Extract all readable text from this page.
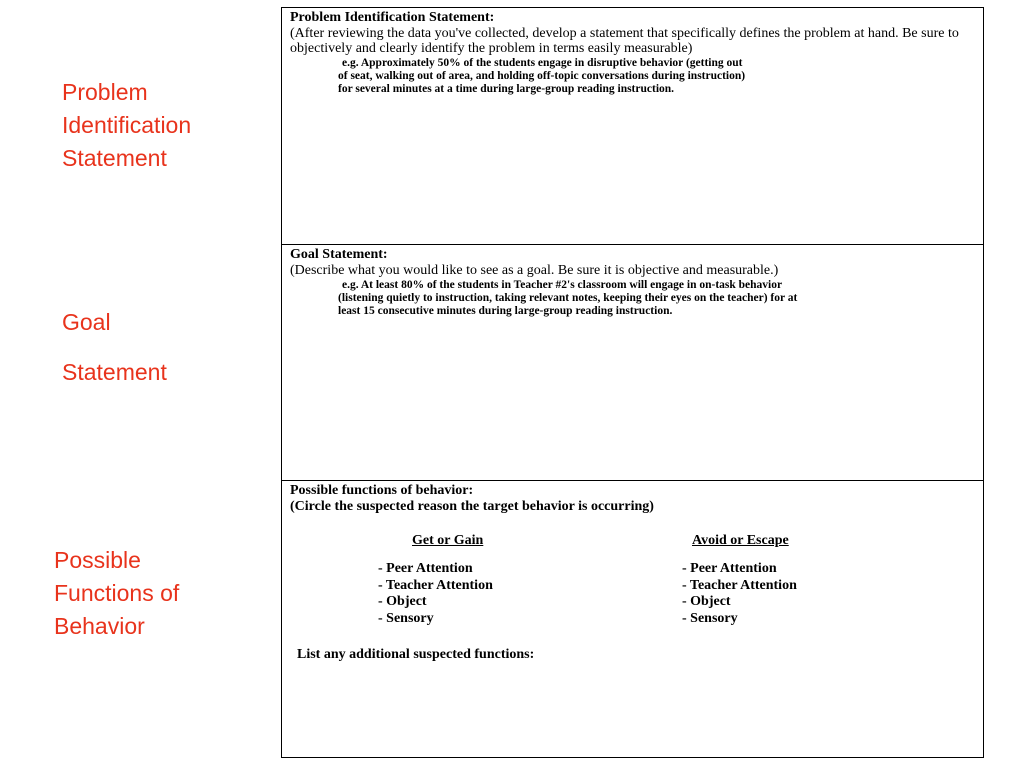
Problem
Identification
Statement
Goal
Statement
Possible
Functions of
Behavior

Problem Identification Statement:

(After reviewing the data you've collected, develop a statement that specifically defines the problem at hand. Be sure to objectively and clearly identify the problem in terms easily measurable)

e.g. Approximately 50% of the students engage in disruptive behavior (getting out
of seat, walking out of area, and holding off-topic conversations during instruction)
for several minutes at a time during large-group reading instruction.

Goal Statement:

(Describe what you would like to see as a goal. Be sure it is objective and measurable.)

e.g. At least 80% of the students in Teacher #2's classroom will engage in on-task behavior
(listening quietly to instruction, taking relevant notes, keeping their eyes on the teacher) for at
least 15 consecutive minutes during large-group reading instruction.

Possible functions of behavior:

(Circle the suspected reason the target behavior is occurring)

Get or Gain

- Peer Attention
- Teacher Attention
- Object
- Sensory

Avoid or Escape

- Peer Attention
- Teacher Attention
- Object
- Sensory

List any additional suspected functions:
